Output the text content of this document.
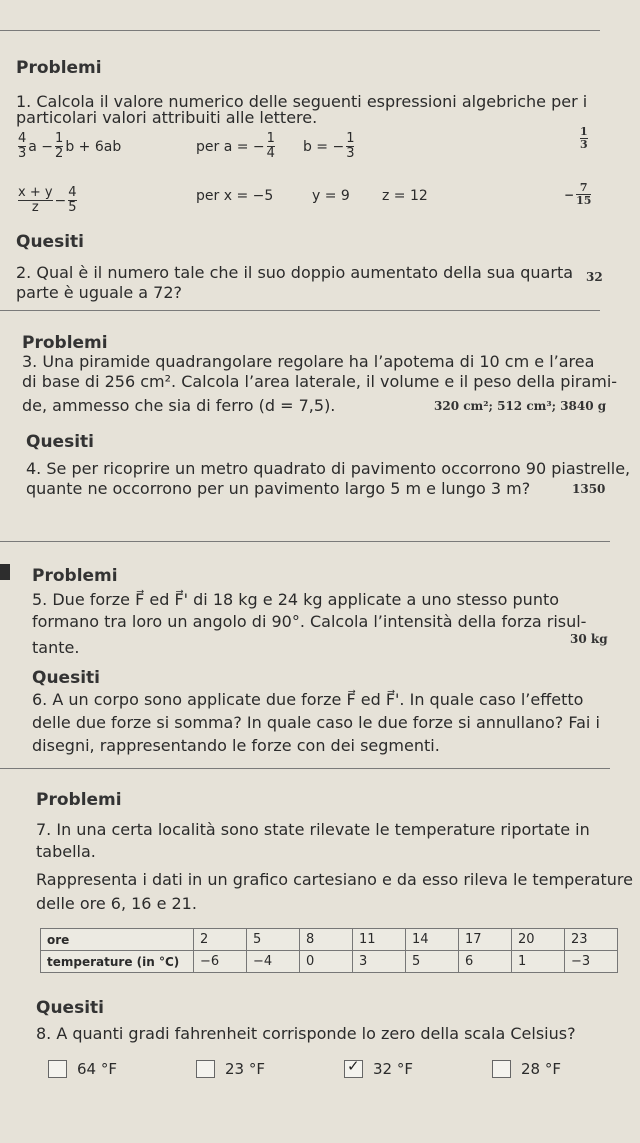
Problemi
1. Calcola il valore numerico delle seguenti espressioni algebriche per i
particolari valori attribuiti alle lettere.
$\frac{4}{3}$ $a - \frac{1}{2}$ b + 6ab	per a = − $\frac{1}{4}$ b = − $\frac{1}{3}$
1
3
$\frac{x + y}{z} - \frac{4}{5}$	per x = −5	y = 9 z = 12	− $\frac{7}{15}$
Quesiti
2. Qual è il numero tale che il suo doppio aumentato della sua quarta
parte è uguale a 72?
32
Problemi
3. Una piramide quadrangolare regolare ha l’apotema di 10 cm e l’area
di base di 256 cm². Calcola l’area laterale, il volume e il peso della pirami-
de, ammesso che sia di ferro (d = 7,5).	320 cm²; 512 cm³; 3840 g
Quesiti
4. Se per ricoprire un metro quadrato di pavimento occorrono 90 piastrelle,
quante ne occorrono per un pavimento largo 5 m e lungo 3 m?	1350
Problemi
5. Due forze F⃗ ed F⃗' di 18 kg e 24 kg applicate a uno stesso punto
formano tra loro un angolo di 90°. Calcola l’intensità della forza risul-
tante.	30 kg
Quesiti
6. A un corpo sono applicate due forze F⃗ ed F⃗'. In quale caso l’effetto
delle due forze si somma? In quale caso le due forze si annullano? Fai i
disegni, rappresentando le forze con dei segmenti.
Problemi
7. In una certa località sono state rilevate le temperature riportate in
tabella.
Rappresenta i dati in un grafico cartesiano e da esso rileva le temperature
delle ore 6, 16 e 21.
ore	2	5	8	11	14	17	20	23
temperature (in °C)	−6	−4	0	3	5	6	1	−3
Quesiti
8. A quanti gradi fahrenheit corrisponde lo zero della scala Celsius?
64 °F	23 °F	✓ 32 °F	28 °F
